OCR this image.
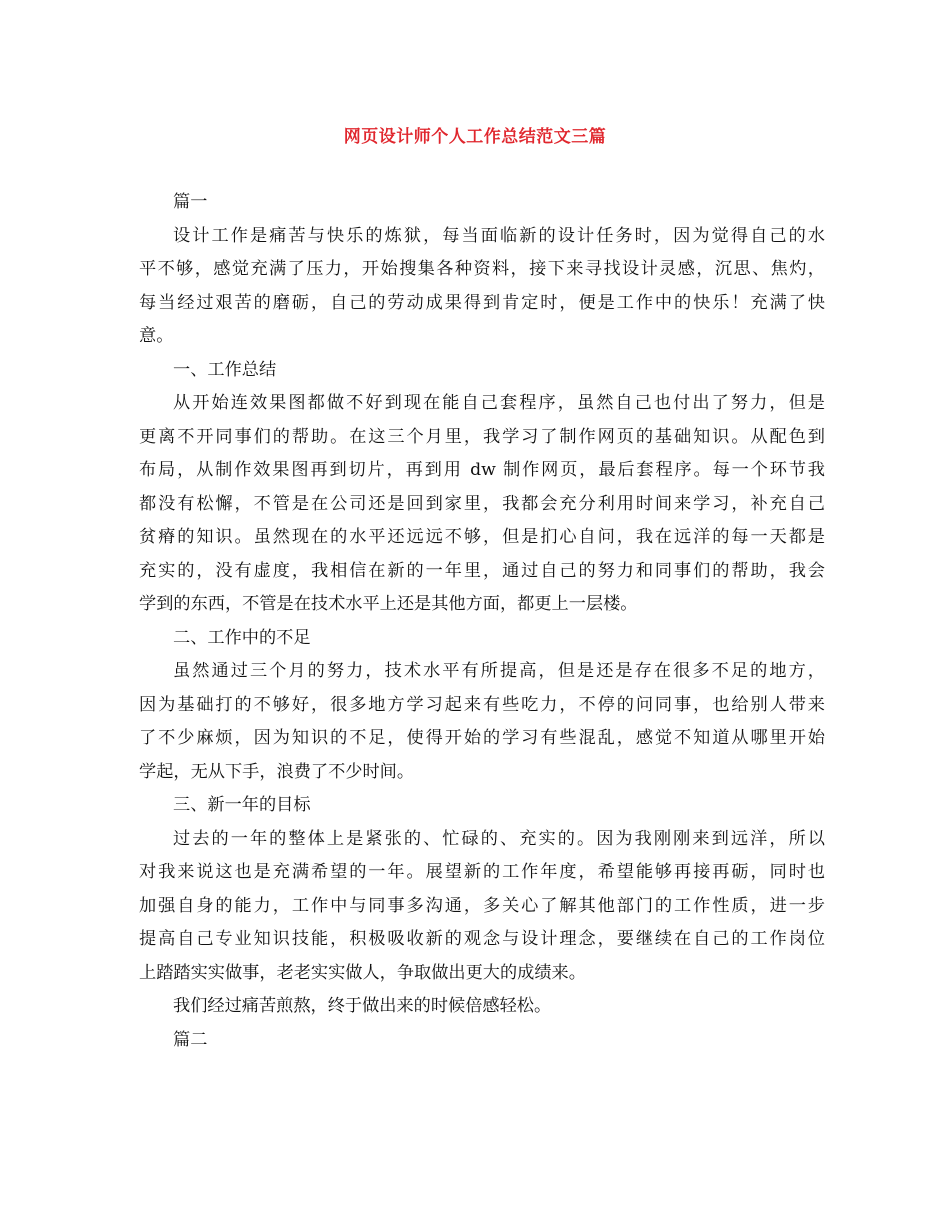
网页设计师个人工作总结范文三篇
篇一
设计工作是痛苦与快乐的炼狱，每当面临新的设计任务时，因为觉得自己的水
平不够，感觉充满了压力，开始搜集各种资料，接下来寻找设计灵感，沉思、焦灼，
每当经过艰苦的磨砺，自己的劳动成果得到肯定时，便是工作中的快乐！充满了快
意。
一、工作总结
从开始连效果图都做不好到现在能自己套程序，虽然自己也付出了努力，但是
更离不开同事们的帮助。在这三个月里，我学习了制作网页的基础知识。从配色到
布局，从制作效果图再到切片，再到用 dw 制作网页，最后套程序。每一个环节我
都没有松懈，不管是在公司还是回到家里，我都会充分利用时间来学习，补充自己
贫瘠的知识。虽然现在的水平还远远不够，但是扪心自问，我在远洋的每一天都是
充实的，没有虚度，我相信在新的一年里，通过自己的努力和同事们的帮助，我会
学到的东西，不管是在技术水平上还是其他方面，都更上一层楼。
二、工作中的不足
虽然通过三个月的努力，技术水平有所提高，但是还是存在很多不足的地方，
因为基础打的不够好，很多地方学习起来有些吃力，不停的问同事，也给别人带来
了不少麻烦，因为知识的不足，使得开始的学习有些混乱，感觉不知道从哪里开始
学起，无从下手，浪费了不少时间。
三、新一年的目标
过去的一年的整体上是紧张的、忙碌的、充实的。因为我刚刚来到远洋，所以
对我来说这也是充满希望的一年。展望新的工作年度，希望能够再接再砺，同时也
加强自身的能力，工作中与同事多沟通，多关心了解其他部门的工作性质，进一步
提高自己专业知识技能，积极吸收新的观念与设计理念，要继续在自己的工作岗位
上踏踏实实做事，老老实实做人，争取做出更大的成绩来。
我们经过痛苦煎熬，终于做出来的时候倍感轻松。
篇二
